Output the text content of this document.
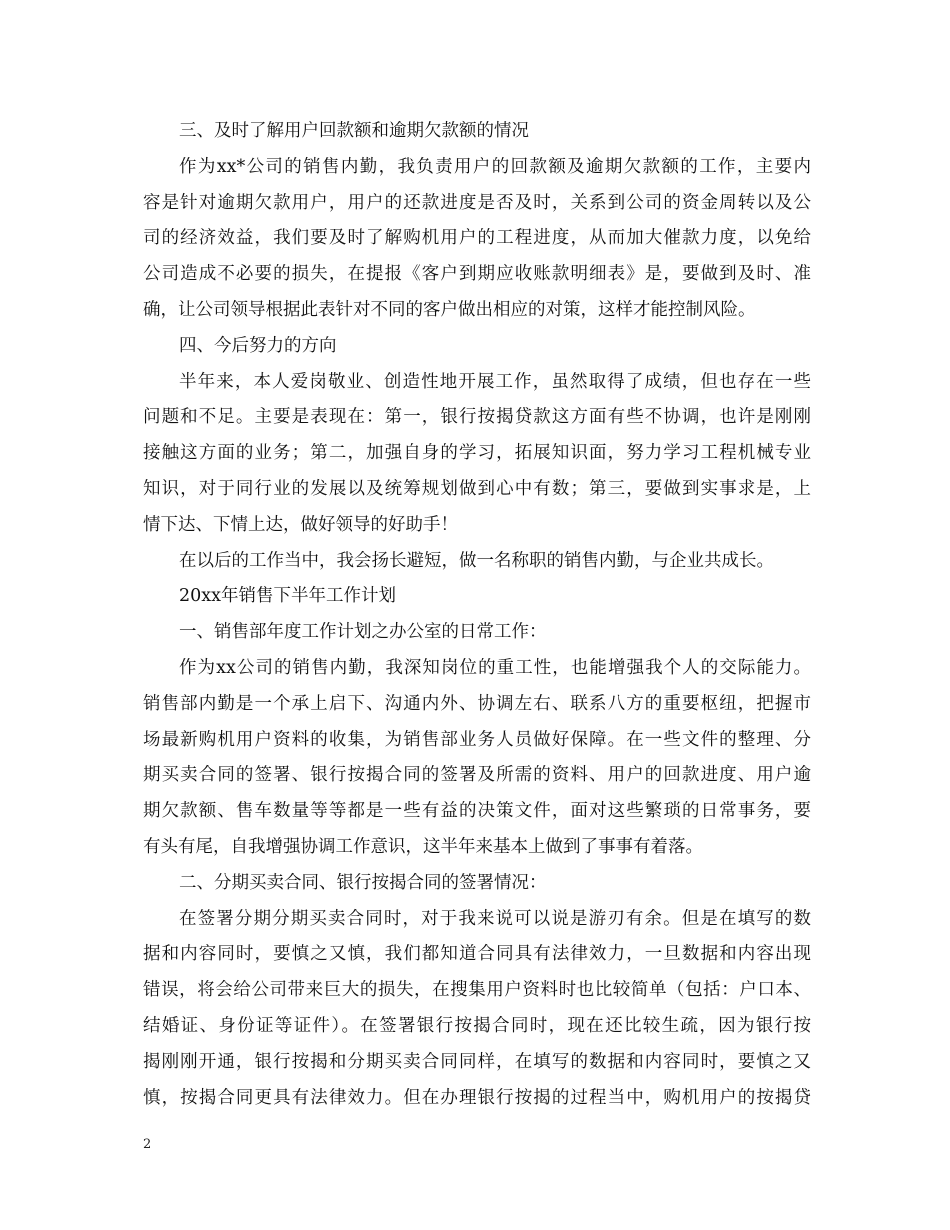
三、及时了解用户回款额和逾期欠款额的情况
作为xx*公司的销售内勤，我负责用户的回款额及逾期欠款额的工作，主要内
容是针对逾期欠款用户，用户的还款进度是否及时，关系到公司的资金周转以及公
司的经济效益，我们要及时了解购机用户的工程进度，从而加大催款力度，以免给
公司造成不必要的损失，在提报《客户到期应收账款明细表》是，要做到及时、准
确，让公司领导根据此表针对不同的客户做出相应的对策，这样才能控制风险。
四、今后努力的方向
半年来，本人爱岗敬业、创造性地开展工作，虽然取得了成绩，但也存在一些
问题和不足。主要是表现在：第一，银行按揭贷款这方面有些不协调，也许是刚刚
接触这方面的业务；第二，加强自身的学习，拓展知识面，努力学习工程机械专业
知识，对于同行业的发展以及统筹规划做到心中有数；第三，要做到实事求是，上
情下达、下情上达，做好领导的好助手！
在以后的工作当中，我会扬长避短，做一名称职的销售内勤，与企业共成长。
20xx年销售下半年工作计划
一、销售部年度工作计划之办公室的日常工作：
作为xx公司的销售内勤，我深知岗位的重工性，也能增强我个人的交际能力。
销售部内勤是一个承上启下、沟通内外、协调左右、联系八方的重要枢纽，把握市
场最新购机用户资料的收集，为销售部业务人员做好保障。在一些文件的整理、分
期买卖合同的签署、银行按揭合同的签署及所需的资料、用户的回款进度、用户逾
期欠款额、售车数量等等都是一些有益的决策文件，面对这些繁琐的日常事务，要
有头有尾，自我增强协调工作意识，这半年来基本上做到了事事有着落。
二、分期买卖合同、银行按揭合同的签署情况：
在签署分期分期买卖合同时，对于我来说可以说是游刃有余。但是在填写的数
据和内容同时，要慎之又慎，我们都知道合同具有法律效力，一旦数据和内容出现
错误，将会给公司带来巨大的损失，在搜集用户资料时也比较简单（包括：户口本、
结婚证、身份证等证件）。在签署银行按揭合同时，现在还比较生疏，因为银行按
揭刚刚开通，银行按揭和分期买卖合同同样，在填写的数据和内容同时，要慎之又
慎，按揭合同更具有法律效力。但在办理银行按揭的过程当中，购机用户的按揭贷
2
